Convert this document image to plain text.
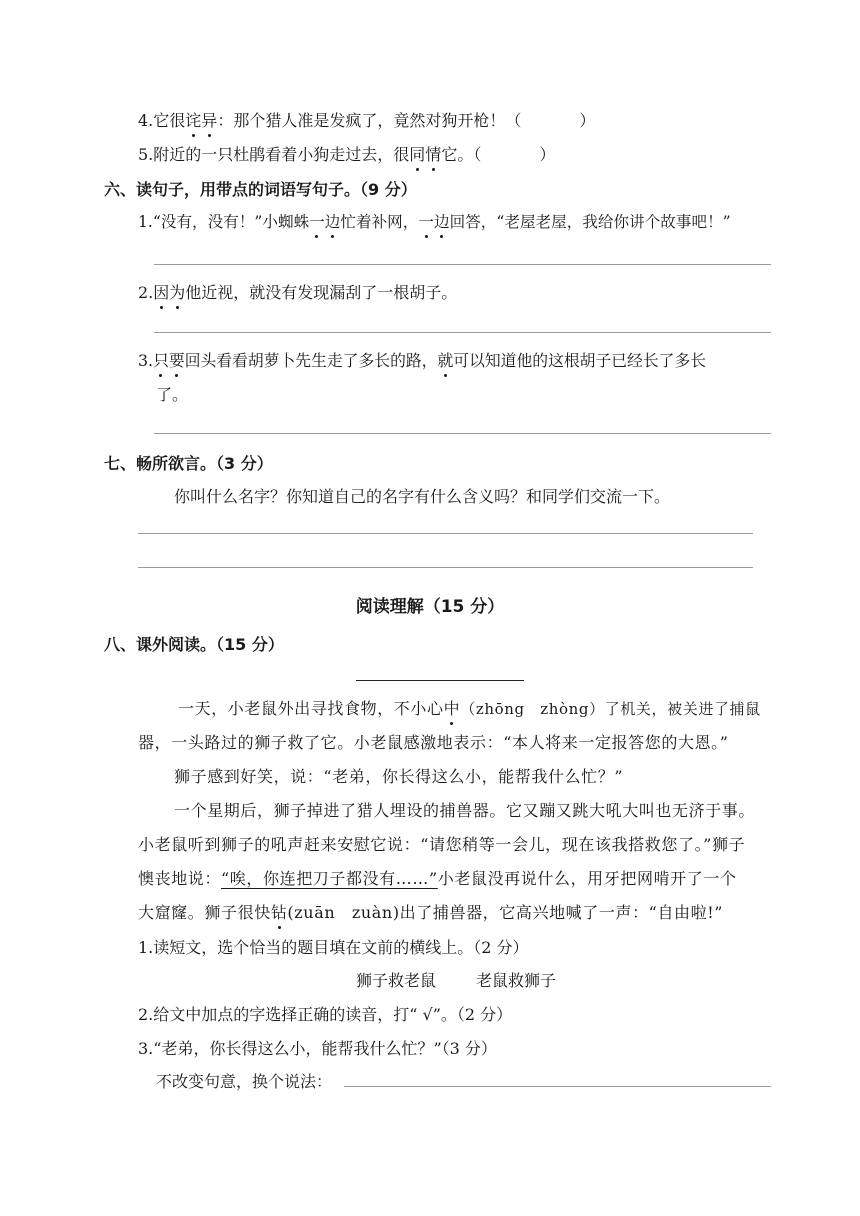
4.它很诧异：那个猎人准是发疯了，竟然对狗开枪！（	）
5.附近的一只杜鹃看着小狗走过去，很同情它。（	）
六、读句子，用带点的词语写句子。（9 分）
1.“没有，没有！”小蜘蛛一边忙着补网，一边回答，“老屋老屋，我给你讲个故事吧！”
2.因为他近视，就没有发现漏刮了一根胡子。
3.只要回头看看胡萝卜先生走了多长的路，就可以知道他的这根胡子已经长了多长
了。
七、畅所欲言。（3 分）
你叫什么名字？你知道自己的名字有什么含义吗？和同学们交流一下。
阅读理解（15 分）
八、课外阅读。（15 分）
一天，小老鼠外出寻找食物，不小心中（zhōng　zhòng）了机关，被关进了捕鼠
器，一头路过的狮子救了它。小老鼠感激地表示：“本人将来一定报答您的大恩。”
狮子感到好笑，说：“老弟，你长得这么小，能帮我什么忙？”
一个星期后，狮子掉进了猎人埋设的捕兽器。它又蹦又跳大吼大叫也无济于事。
小老鼠听到狮子的吼声赶来安慰它说：“请您稍等一会儿，现在该我搭救您了。”狮子
懊丧地说：“唉，你连把刀子都没有……”小老鼠没再说什么，用牙把网啃开了一个
大窟窿。狮子很快钻(zuān　zuàn)出了捕兽器，它高兴地喊了一声：“自由啦!”
1.读短文，选个恰当的题目填在文前的横线上。（2 分）
狮子救老鼠 老鼠救狮子
2.给文中加点的字选择正确的读音，打“ √”。（2 分）
3.“老弟，你长得这么小，能帮我什么忙？”（3 分）
不改变句意，换个说法：
